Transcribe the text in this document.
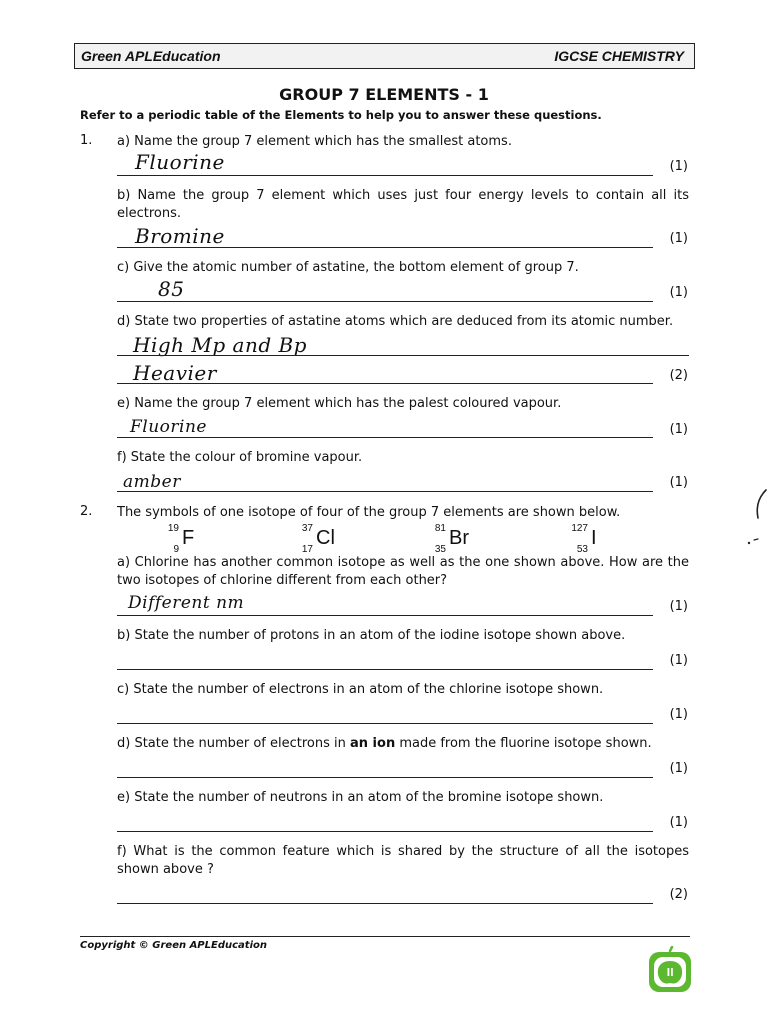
Green APLEducation	IGCSE CHEMISTRY
GROUP 7 ELEMENTS - 1
Refer to a periodic table of the Elements to help you to answer these questions.
1. a) Name the group 7 element which has the smallest atoms.
Fluorine	(1)
b) Name the group 7 element which uses just four energy levels to contain all its electrons.
Bromine	(1)
c) Give the atomic number of astatine, the bottom element of group 7.
85	(1)
d) State two properties of astatine atoms which are deduced from its atomic number.
High Mp and Bp
Heavier	(2)
e) Name the group 7 element which has the palest coloured vapour.
Fluorine	(1)
f) State the colour of bromine vapour.
amber	(1)
2. The symbols of one isotope of four of the group 7 elements are shown below.
19
9
F	37
17
Cl	81
35
Br	127
53
I
a) Chlorine has another common isotope as well as the one shown above. How are the two isotopes of chlorine different from each other?
Different nm	(1)
b) State the number of protons in an atom of the iodine isotope shown above.
(1)
c) State the number of electrons in an atom of the chlorine isotope shown.
(1)
d) State the number of electrons in an ion made from the fluorine isotope shown.
(1)
e) State the number of neutrons in an atom of the bromine isotope shown.
(1)
f) What is the common feature which is shared by the structure of all the isotopes shown above ?
(2)
Copyright © Green APLEducation
